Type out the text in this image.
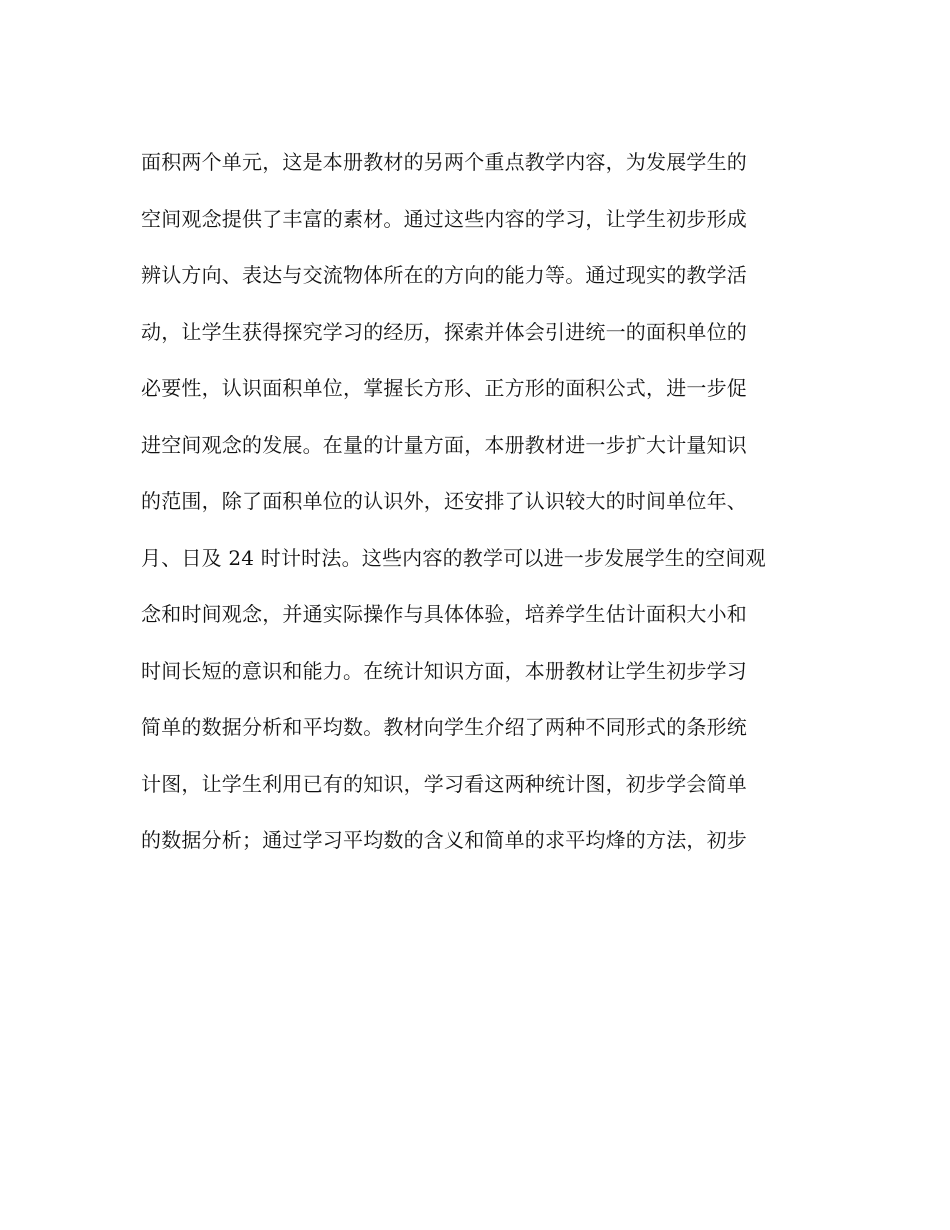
面积两个单元，这是本册教材的另两个重点教学内容，为发展学生的
空间观念提供了丰富的素材。通过这些内容的学习，让学生初步形成
辨认方向、表达与交流物体所在的方向的能力等。通过现实的教学活
动，让学生获得探究学习的经历，探索并体会引进统一的面积单位的
必要性，认识面积单位，掌握长方形、正方形的面积公式，进一步促
进空间观念的发展。在量的计量方面，本册教材进一步扩大计量知识
的范围，除了面积单位的认识外，还安排了认识较大的时间单位年、
月、日及 24 时计时法。这些内容的教学可以进一步发展学生的空间观
念和时间观念，并通实际操作与具体体验，培养学生估计面积大小和
时间长短的意识和能力。在统计知识方面，本册教材让学生初步学习
简单的数据分析和平均数。教材向学生介绍了两种不同形式的条形统
计图，让学生利用已有的知识，学习看这两种统计图，初步学会简单
的数据分析；通过学习平均数的含义和简单的求平均烽的方法，初步
